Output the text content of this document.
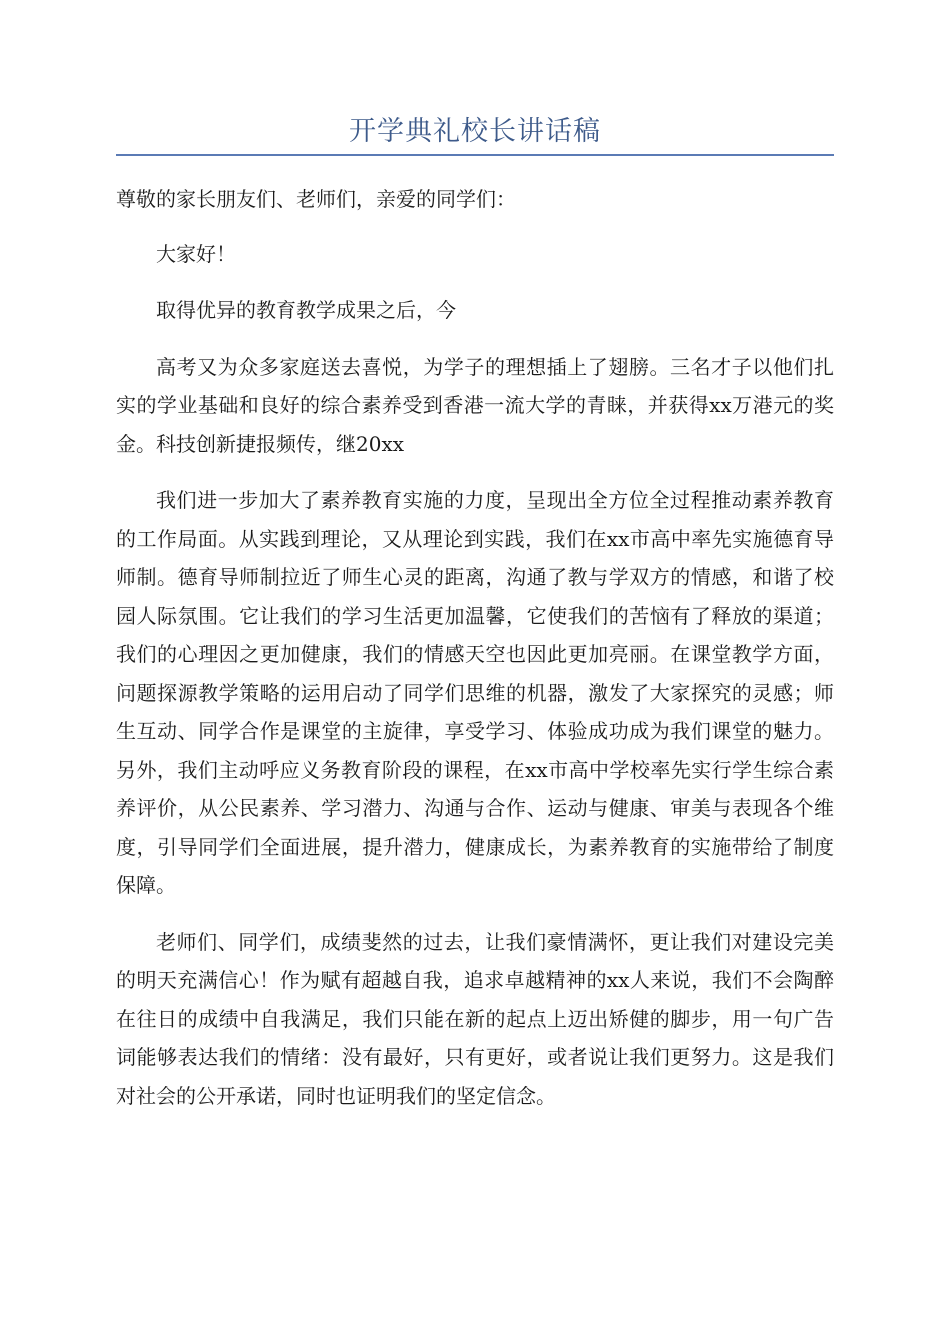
开学典礼校长讲话稿

尊敬的家长朋友们、老师们，亲爱的同学们：

大家好！

取得优异的教育教学成果之后，今

高考又为众多家庭送去喜悦，为学子的理想插上了翅膀。三名才子以他们扎实的学业基础和良好的综合素养受到香港一流大学的青睐，并获得xx万港元的奖金。科技创新捷报频传，继20xx

我们进一步加大了素养教育实施的力度，呈现出全方位全过程推动素养教育的工作局面。从实践到理论，又从理论到实践，我们在xx市高中率先实施德育导师制。德育导师制拉近了师生心灵的距离，沟通了教与学双方的情感，和谐了校园人际氛围。它让我们的学习生活更加温馨，它使我们的苦恼有了释放的渠道；我们的心理因之更加健康，我们的情感天空也因此更加亮丽。在课堂教学方面，问题探源教学策略的运用启动了同学们思维的机器，激发了大家探究的灵感；师生互动、同学合作是课堂的主旋律，享受学习、体验成功成为我们课堂的魅力。另外，我们主动呼应义务教育阶段的课程，在xx市高中学校率先实行学生综合素养评价，从公民素养、学习潜力、沟通与合作、运动与健康、审美与表现各个维度，引导同学们全面进展，提升潜力，健康成长，为素养教育的实施带给了制度保障。

老师们、同学们，成绩斐然的过去，让我们豪情满怀，更让我们对建设完美的明天充满信心！作为赋有超越自我，追求卓越精神的xx人来说，我们不会陶醉在往日的成绩中自我满足，我们只能在新的起点上迈出矫健的脚步，用一句广告词能够表达我们的情绪：没有最好，只有更好，或者说让我们更努力。这是我们对社会的公开承诺，同时也证明我们的坚定信念。
